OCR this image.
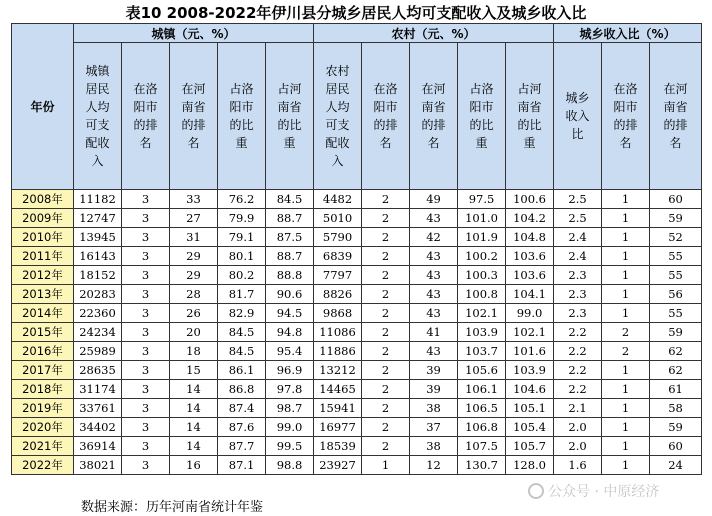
表10 2008-2022年伊川县分城乡居民人均可支配收入及城乡收入比
年份	城镇（元、%）					农村（元、%）					城乡收入比（%）		
	城镇居民人均可支配收入	在洛阳市的排名	在河南省的排名	占洛阳市的比重	占河南省的比重	农村居民人均可支配收入	在洛阳市的排名	在河南省的排名	占洛阳市的比重	占河南省的比重	城乡收入比	在洛阳市的排名	在河南省的排名
2008年	11182	3	33	76.2	84.5	4482	2	49	97.5	100.6	2.5	1	60
2009年	12747	3	27	79.9	88.7	5010	2	43	101.0	104.2	2.5	1	59
2010年	13945	3	31	79.1	87.5	5790	2	42	101.9	104.8	2.4	1	52
2011年	16143	3	29	80.1	88.7	6839	2	43	100.2	103.6	2.4	1	55
2012年	18152	3	29	80.2	88.8	7797	2	43	100.3	103.6	2.3	1	55
2013年	20283	3	28	81.7	90.6	8826	2	43	100.8	104.1	2.3	1	56
2014年	22360	3	26	82.9	94.5	9868	2	43	102.1	99.0	2.3	1	55
2015年	24234	3	20	84.5	94.8	11086	2	41	103.9	102.1	2.2	2	59
2016年	25989	3	18	84.5	95.4	11886	2	43	103.7	101.6	2.2	2	62
2017年	28635	3	15	86.1	96.9	13212	2	39	105.6	103.9	2.2	1	62
2018年	31174	3	14	86.8	97.8	14465	2	39	106.1	104.6	2.2	1	61
2019年	33761	3	14	87.4	98.7	15941	2	38	106.5	105.1	2.1	1	58
2020年	34402	3	14	87.6	99.0	16977	2	37	106.8	105.4	2.0	1	59
2021年	36914	3	14	87.7	99.5	18539	2	38	107.5	105.7	2.0	1	60
2022年	38021	3	16	87.1	98.8	23927	1	12	130.7	128.0	1.6	1	24
数据来源：历年河南省统计年鉴
公众号 · 中原经济
